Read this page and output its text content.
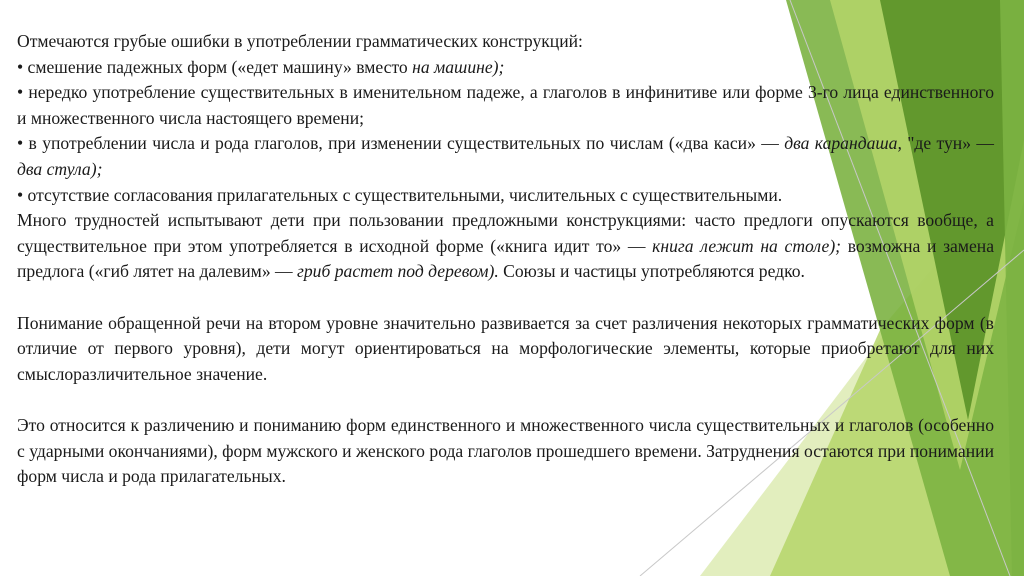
Отмечаются грубые ошибки в употреблении грамматических конструкций:

• смешение падежных форм («едет машину» вместо на машине);

• нередко употребление существительных в именительном падеже, а глаголов в инфинитиве или форме 3-го лица единственного и множественного числа настоящего времени;

• в употреблении числа и рода глаголов, при изменении существительных по числам («два каси» — два карандаша, "де тун» — два стула);

• отсутствие согласования прилагательных с существительными, числительных с существительными.

Много трудностей испытывают дети при пользовании предложными конструкциями: часто предлоги опускаются вообще, а существительное при этом употребляется в исходной форме («книга идит то» — книга лежит на столе); возможна и замена предлога («гиб лятет на далевим» — гриб растет под деревом). Союзы и частицы употребляются редко.

Понимание обращенной речи на втором уровне значительно развивается за счет различения некоторых грамматических форм (в отличие от первого уровня), дети могут ориентироваться на морфологические элементы, которые приобретают для них смыслоразличительное значение.

Это относится к различению и пониманию форм единственного и множественного числа существительных и глаголов (особенно с ударными окончаниями), форм мужского и женского рода глаголов прошедшего времени. Затруднения остаются при понимании форм числа и рода прилагательных.
